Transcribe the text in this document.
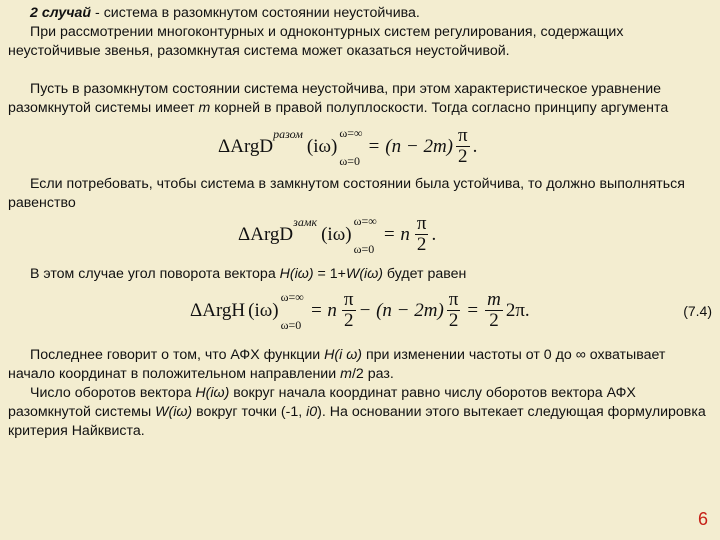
2 случай - система в разомкнутом состоянии неустойчива.
При рассмотрении многоконтурных и одноконтурных систем регулирования, содержащих неустойчивые звенья, разомкнутая система может оказаться неустойчивой.
Пусть в разомкнутом состоянии система неустойчива, при этом характеристическое уравнение разомкнутой системы имеет m корней в правой полуплоскости. Тогда согласно принципу аргумента
ΔArgD
разом
(iω)
ω=∞
ω=0
= $(n - 2m) \frac{\pi}{2}$ .
Если потребовать, чтобы система в замкнутом состоянии была устойчива, то должно выполняться равенство
ΔArgD
замк
(iω)
ω=∞
ω=0
= n $\frac{\pi}{2}$ .
В этом случае угол поворота вектора H(iω) = 1+W(iω) будет равен
ΔArgH (iω)
ω=∞
ω=0
= n $\frac{\pi}{2} - (n - 2m) \frac{\pi}{2} = \frac{m}{2} 2\pi$.	(7.4)
Последнее говорит о том, что АФХ функции H(i ω) при изменении частоты от 0 до ∞ охватывает начало координат в положительном направлении m/2 раз.
Число оборотов вектора H(iω) вокруг начала координат равно числу оборотов вектора АФХ разомкнутой системы W(iω) вокруг точки (-1, i0). На основании этого вытекает следующая формулировка критерия Найквиста.
6
